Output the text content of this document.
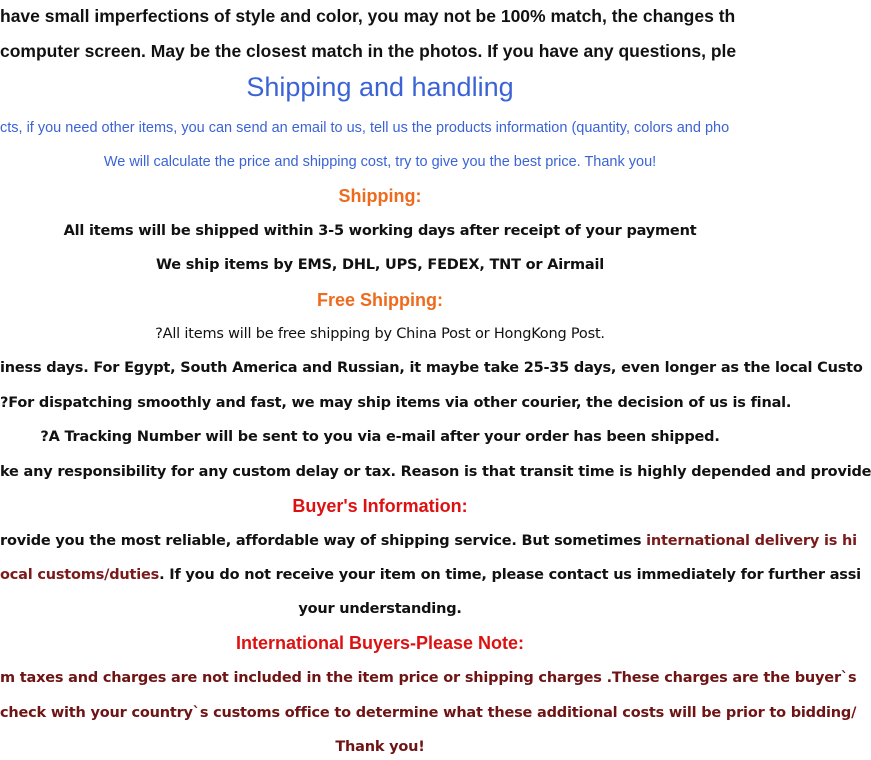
have small imperfections of style and color, you may not be 100% match, the changes th
computer screen. May be the closest match in the photos. If you have any questions, ple
Shipping and handling
cts, if you need other items, you can send an email to us, tell us the products information (quantity, colors and pho
We will calculate the price and shipping cost, try to give you the best price. Thank you!
Shipping:
All items will be shipped within 3-5 working days after receipt of your payment
We ship items by EMS, DHL, UPS, FEDEX, TNT or Airmail
Free Shipping:
?All items will be free shipping by China Post or HongKong Post.
iness days. For Egypt, South America and Russian, it maybe take 25-35 days, even longer as the local Custo
?For dispatching smoothly and fast, we may ship items via other courier, the decision of us is final.
?A Tracking Number will be sent to you via e-mail after your order has been shipped.
ke any responsibility for any custom delay or tax. Reason is that transit time is highly depended and provide
Buyer's Information:
rovide you the most reliable, affordable way of shipping service. But sometimes international delivery is hi
ocal customs/duties. If you do not receive your item on time, please contact us immediately for further assi
your understanding.
International Buyers-Please Note:
m taxes and charges are not included in the item price or shipping charges .These charges are the buyer`s
check with your country`s customs office to determine what these additional costs will be prior to bidding/
Thank you!
